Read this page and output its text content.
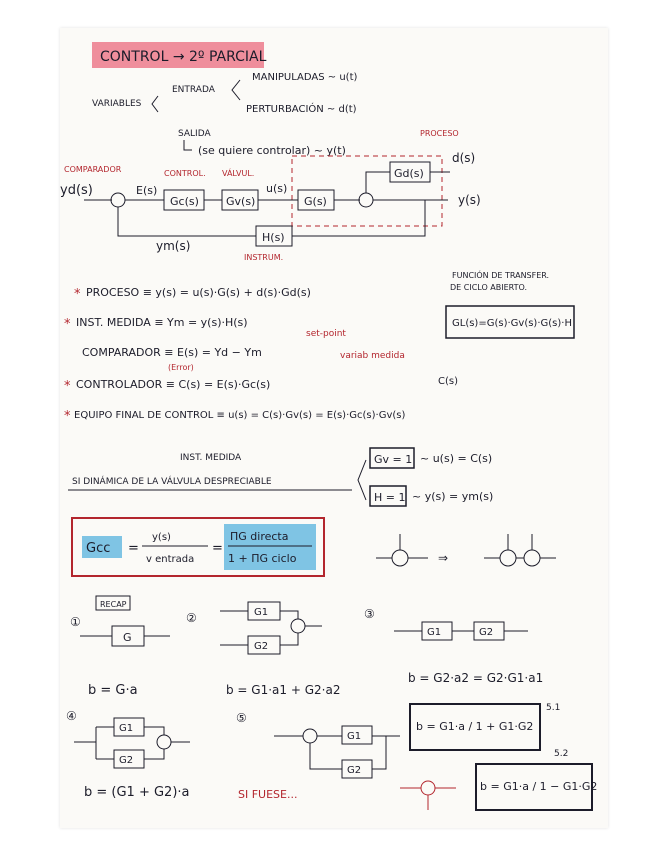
CONTROL → 2º PARCIAL
VARIABLES
ENTRADA
MANIPULADAS ~ u(t)
PERTURBACIÓN ~ d(t)
SALIDA
(se quiere controlar) ~ y(t)
COMPARADOR	CONTROL. VÁLVUL.
PROCESO
yd(s)	E(s)
Gc(s) Gv(s)
u(s)
G(s)
Gd(s)
d(s)
y(s)
H(s)
ym(s)
INSTRUM.
* PROCESO ≡ y(s) = u(s)·G(s) + d(s)·Gd(s)
* INST. MEDIDA ≡ Ym = y(s)·H(s)
set-point
COMPARADOR ≡ E(s) = Yd − Ym
(Error)
variab medida
* CONTROLADOR ≡ C(s) = E(s)·Gc(s)	C(s)
* EQUIPO FINAL DE CONTROL ≡ u(s) = C(s)·Gv(s) = E(s)·Gc(s)·Gv(s)
FUNCIÓN DE TRANSFER.
DE CICLO ABIERTO.
GL(s)=G(s)·Gv(s)·G(s)·H
INST. MEDIDA
SI DINÁMICA DE LA VÁLVULA DESPRECIABLE
Gv = 1 ~ u(s) = C(s)
H = 1 ~ y(s) = ym(s)
Gcc =
y(s)
v entrada
=
ΠG directa
1 + ΠG ciclo	⇒
RECAP
①
G
b = G·a
②	G1
G2
b = G1·a1 + G2·a2
③
G1	G2
b = G2·a2 = G2·G1·a1
④
G1
G2
b = (G1 + G2)·a
⑤
G1
G2
SI FUESE...
b = G1·a / 1 + G1·G2
5.1
b = G1·a / 1 − G1·G2
5.2
